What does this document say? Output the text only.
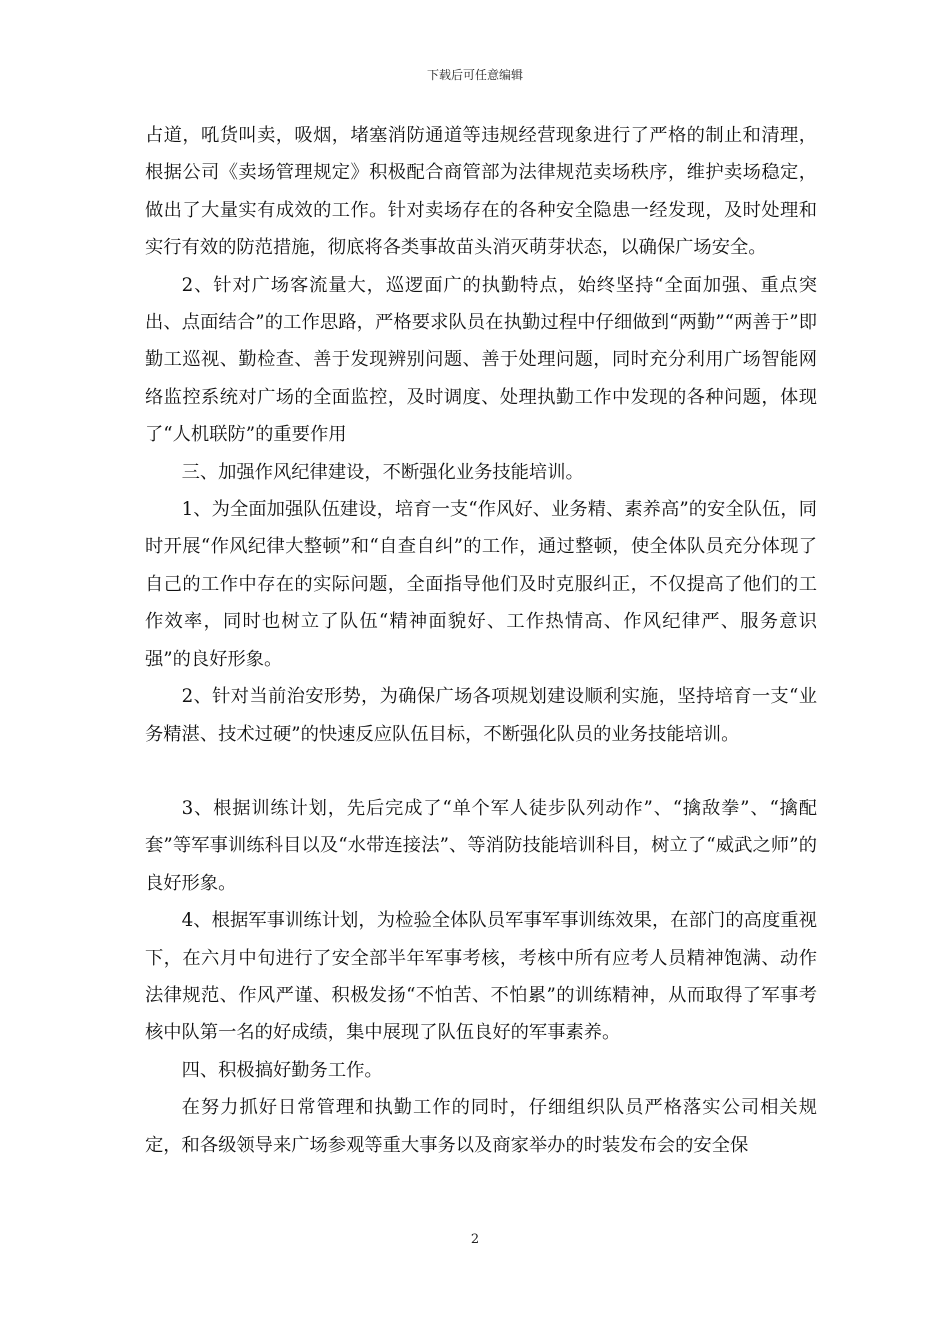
下载后可任意编辑

占道，吼货叫卖，吸烟，堵塞消防通道等违规经营现象进行了严格的制止和清理，根据公司《卖场管理规定》积极配合商管部为法律规范卖场秩序，维护卖场稳定，做出了大量实有成效的工作。针对卖场存在的各种安全隐患一经发现，及时处理和实行有效的防范措施，彻底将各类事故苗头消灭萌芽状态，以确保广场安全。

2、针对广场客流量大，巡逻面广的执勤特点，始终坚持“全面加强、重点突出、点面结合”的工作思路，严格要求队员在执勤过程中仔细做到“两勤”“两善于”即勤工巡视、勤检查、善于发现辨别问题、善于处理问题，同时充分利用广场智能网络监控系统对广场的全面监控，及时调度、处理执勤工作中发现的各种问题，体现了“人机联防”的重要作用

三、加强作风纪律建设，不断强化业务技能培训。

1、为全面加强队伍建设，培育一支“作风好、业务精、素养高”的安全队伍，同时开展“作风纪律大整顿”和“自查自纠”的工作，通过整顿，使全体队员充分体现了自己的工作中存在的实际问题，全面指导他们及时克服纠正，不仅提高了他们的工作效率，同时也树立了队伍“精神面貌好、工作热情高、作风纪律严、服务意识强”的良好形象。

2、针对当前治安形势，为确保广场各项规划建设顺利实施，坚持培育一支“业务精湛、技术过硬”的快速反应队伍目标，不断强化队员的业务技能培训。

3、根据训练计划，先后完成了“单个军人徒步队列动作”、“擒敌拳”、“擒配套”等军事训练科目以及“水带连接法”、等消防技能培训科目，树立了“威武之师”的良好形象。

4、根据军事训练计划，为检验全体队员军事军事训练效果，在部门的高度重视下，在六月中旬进行了安全部半年军事考核，考核中所有应考人员精神饱满、动作法律规范、作风严谨、积极发扬“不怕苦、不怕累”的训练精神，从而取得了军事考核中队第一名的好成绩，集中展现了队伍良好的军事素养。

四、积极搞好勤务工作。

在努力抓好日常管理和执勤工作的同时，仔细组织队员严格落实公司相关规定，和各级领导来广场参观等重大事务以及商家举办的时装发布会的安全保

2
